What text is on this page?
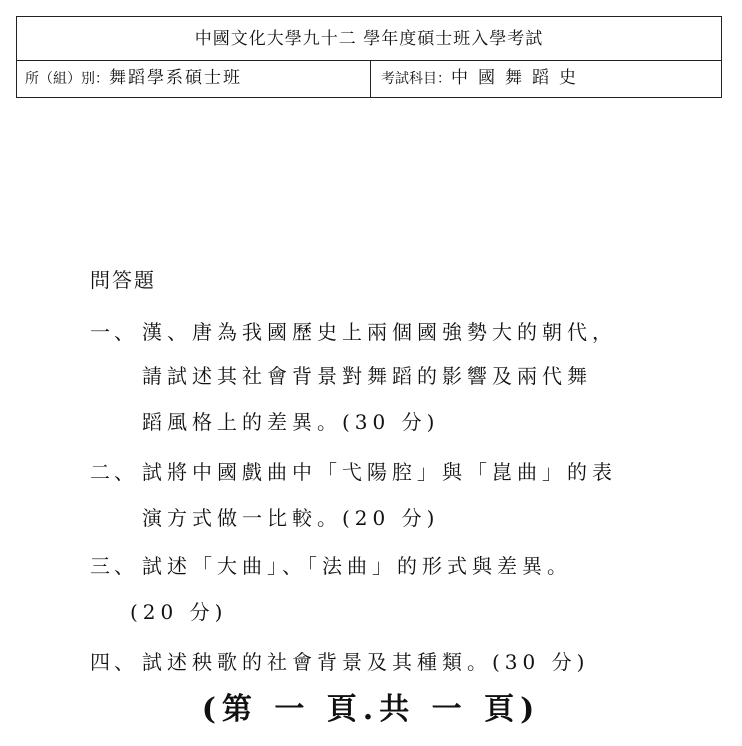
中國文化大學九十二 學年度碩士班入學考試
所（組）別：舞蹈學系碩士班	考試科目：中國舞蹈史
問答題
一、 漢、唐為我國歷史上兩個國強勢大的朝代，
請試述其社會背景對舞蹈的影響及兩代舞
蹈風格上的差異。(30 分)
二、 試將中國戲曲中「弋陽腔」與「崑曲」的表
演方式做一比較。(20 分)
三、 試述「大曲」、「法曲」的形式與差異。
(20 分)
四、 試述秧歌的社會背景及其種類。(30 分)
(第 一 頁.共 一 頁)
